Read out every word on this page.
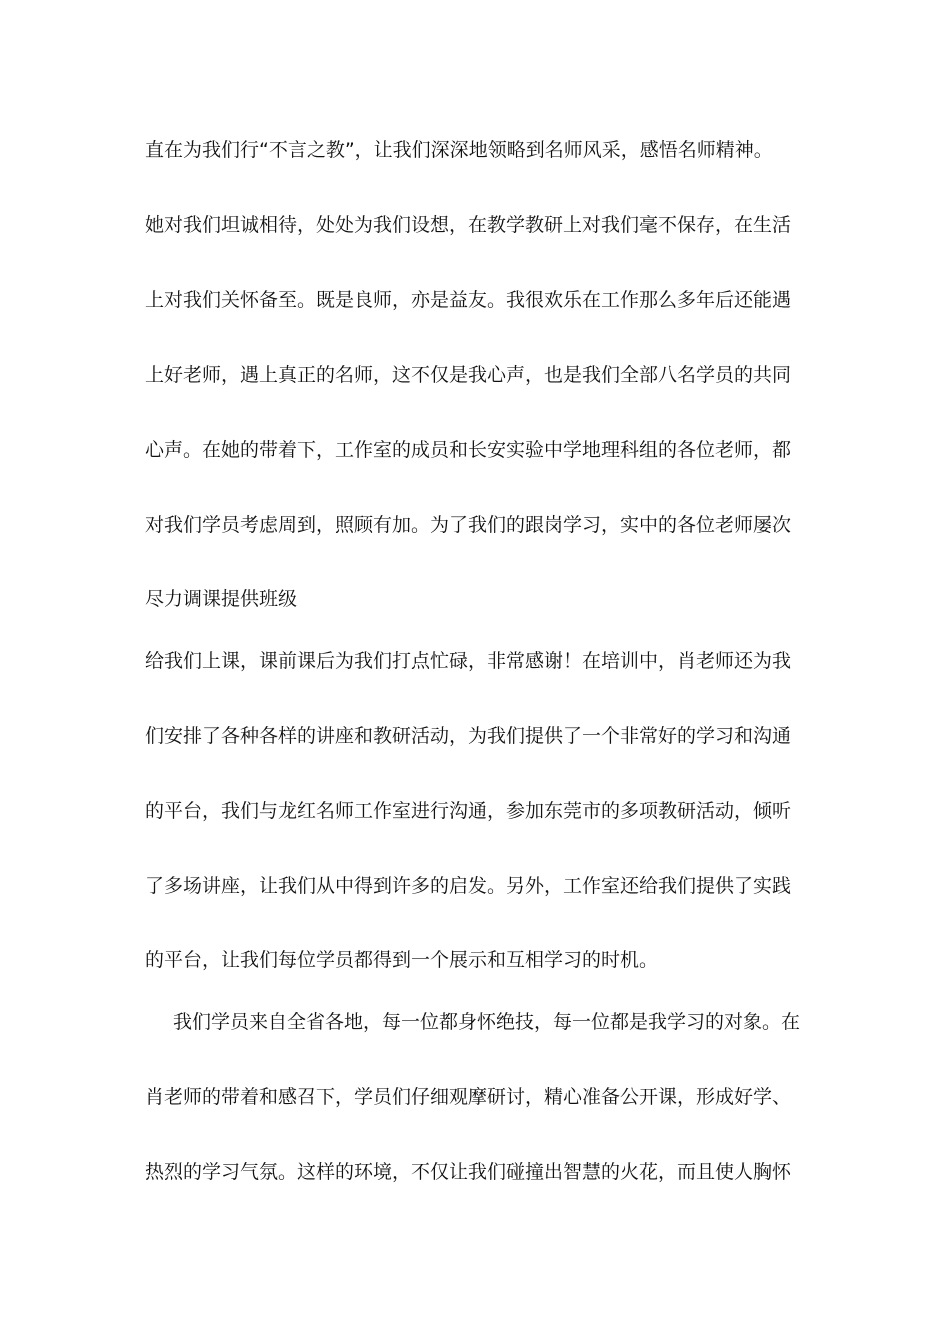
直在为我们行“不言之教”，让我们深深地领略到名师风采，感悟名师精神。
她对我们坦诚相待，处处为我们设想，在教学教研上对我们毫不保存，在生活
上对我们关怀备至。既是良师，亦是益友。我很欢乐在工作那么多年后还能遇
上好老师，遇上真正的名师，这不仅是我心声，也是我们全部八名学员的共同
心声。在她的带着下，工作室的成员和长安实验中学地理科组的各位老师，都
对我们学员考虑周到，照顾有加。为了我们的跟岗学习，实中的各位老师屡次
尽力调课提供班级
给我们上课，课前课后为我们打点忙碌，非常感谢！在培训中，肖老师还为我
们安排了各种各样的讲座和教研活动，为我们提供了一个非常好的学习和沟通
的平台，我们与龙红名师工作室进行沟通，参加东莞市的多项教研活动，倾听
了多场讲座，让我们从中得到许多的启发。另外，工作室还给我们提供了实践
的平台，让我们每位学员都得到一个展示和互相学习的时机。
我们学员来自全省各地，每一位都身怀绝技，每一位都是我学习的对象。在
肖老师的带着和感召下，学员们仔细观摩研讨，精心准备公开课，形成好学、
热烈的学习气氛。这样的环境，不仅让我们碰撞出智慧的火花，而且使人胸怀
